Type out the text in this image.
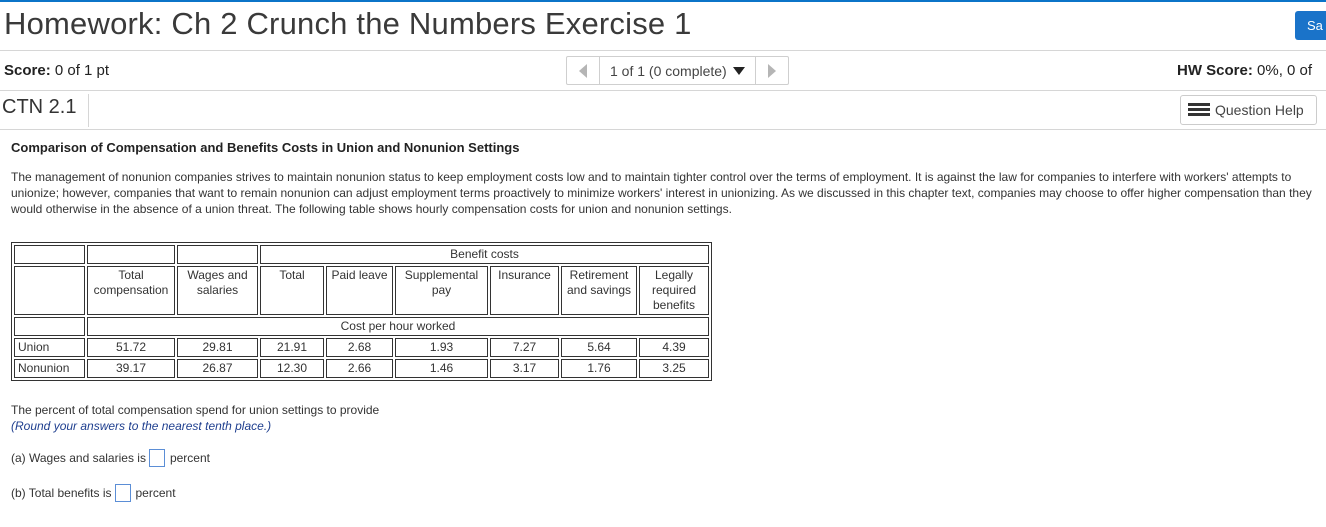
Homework: Ch 2 Crunch the Numbers Exercise 1	Sa
Score: 0 of 1 pt	1 of 1 (0 complete)	HW Score: 0%, 0 of
CTN 2.1	Question Help
Comparison of Compensation and Benefits Costs in Union and Nonunion Settings
The management of nonunion companies strives to maintain nonunion status to keep employment costs low and to maintain tighter control over the terms of employment. It is against the law for companies to interfere with workers' attempts to unionize; however, companies that want to remain nonunion can adjust employment terms proactively to minimize workers' interest in unionizing. As we discussed in this chapter text, companies may choose to offer higher compensation than they would otherwise in the absence of a union threat. The following table shows hourly compensation costs for union and nonunion settings.
			Benefit costs					
	Total compensation	Wages and salaries	Total	Paid leave	Supplemental pay	Insurance	Retirement and savings	Legally required benefits
	Cost per hour worked							
Union	51.72	29.81	21.91	2.68	1.93	7.27	5.64	4.39
Nonunion	39.17	26.87	12.30	2.66	1.46	3.17	1.76	3.25
The percent of total compensation spend for union settings to provide
(Round your answers to the nearest tenth place.)
(a) Wages and salaries is percent
(b) Total benefits is percent
